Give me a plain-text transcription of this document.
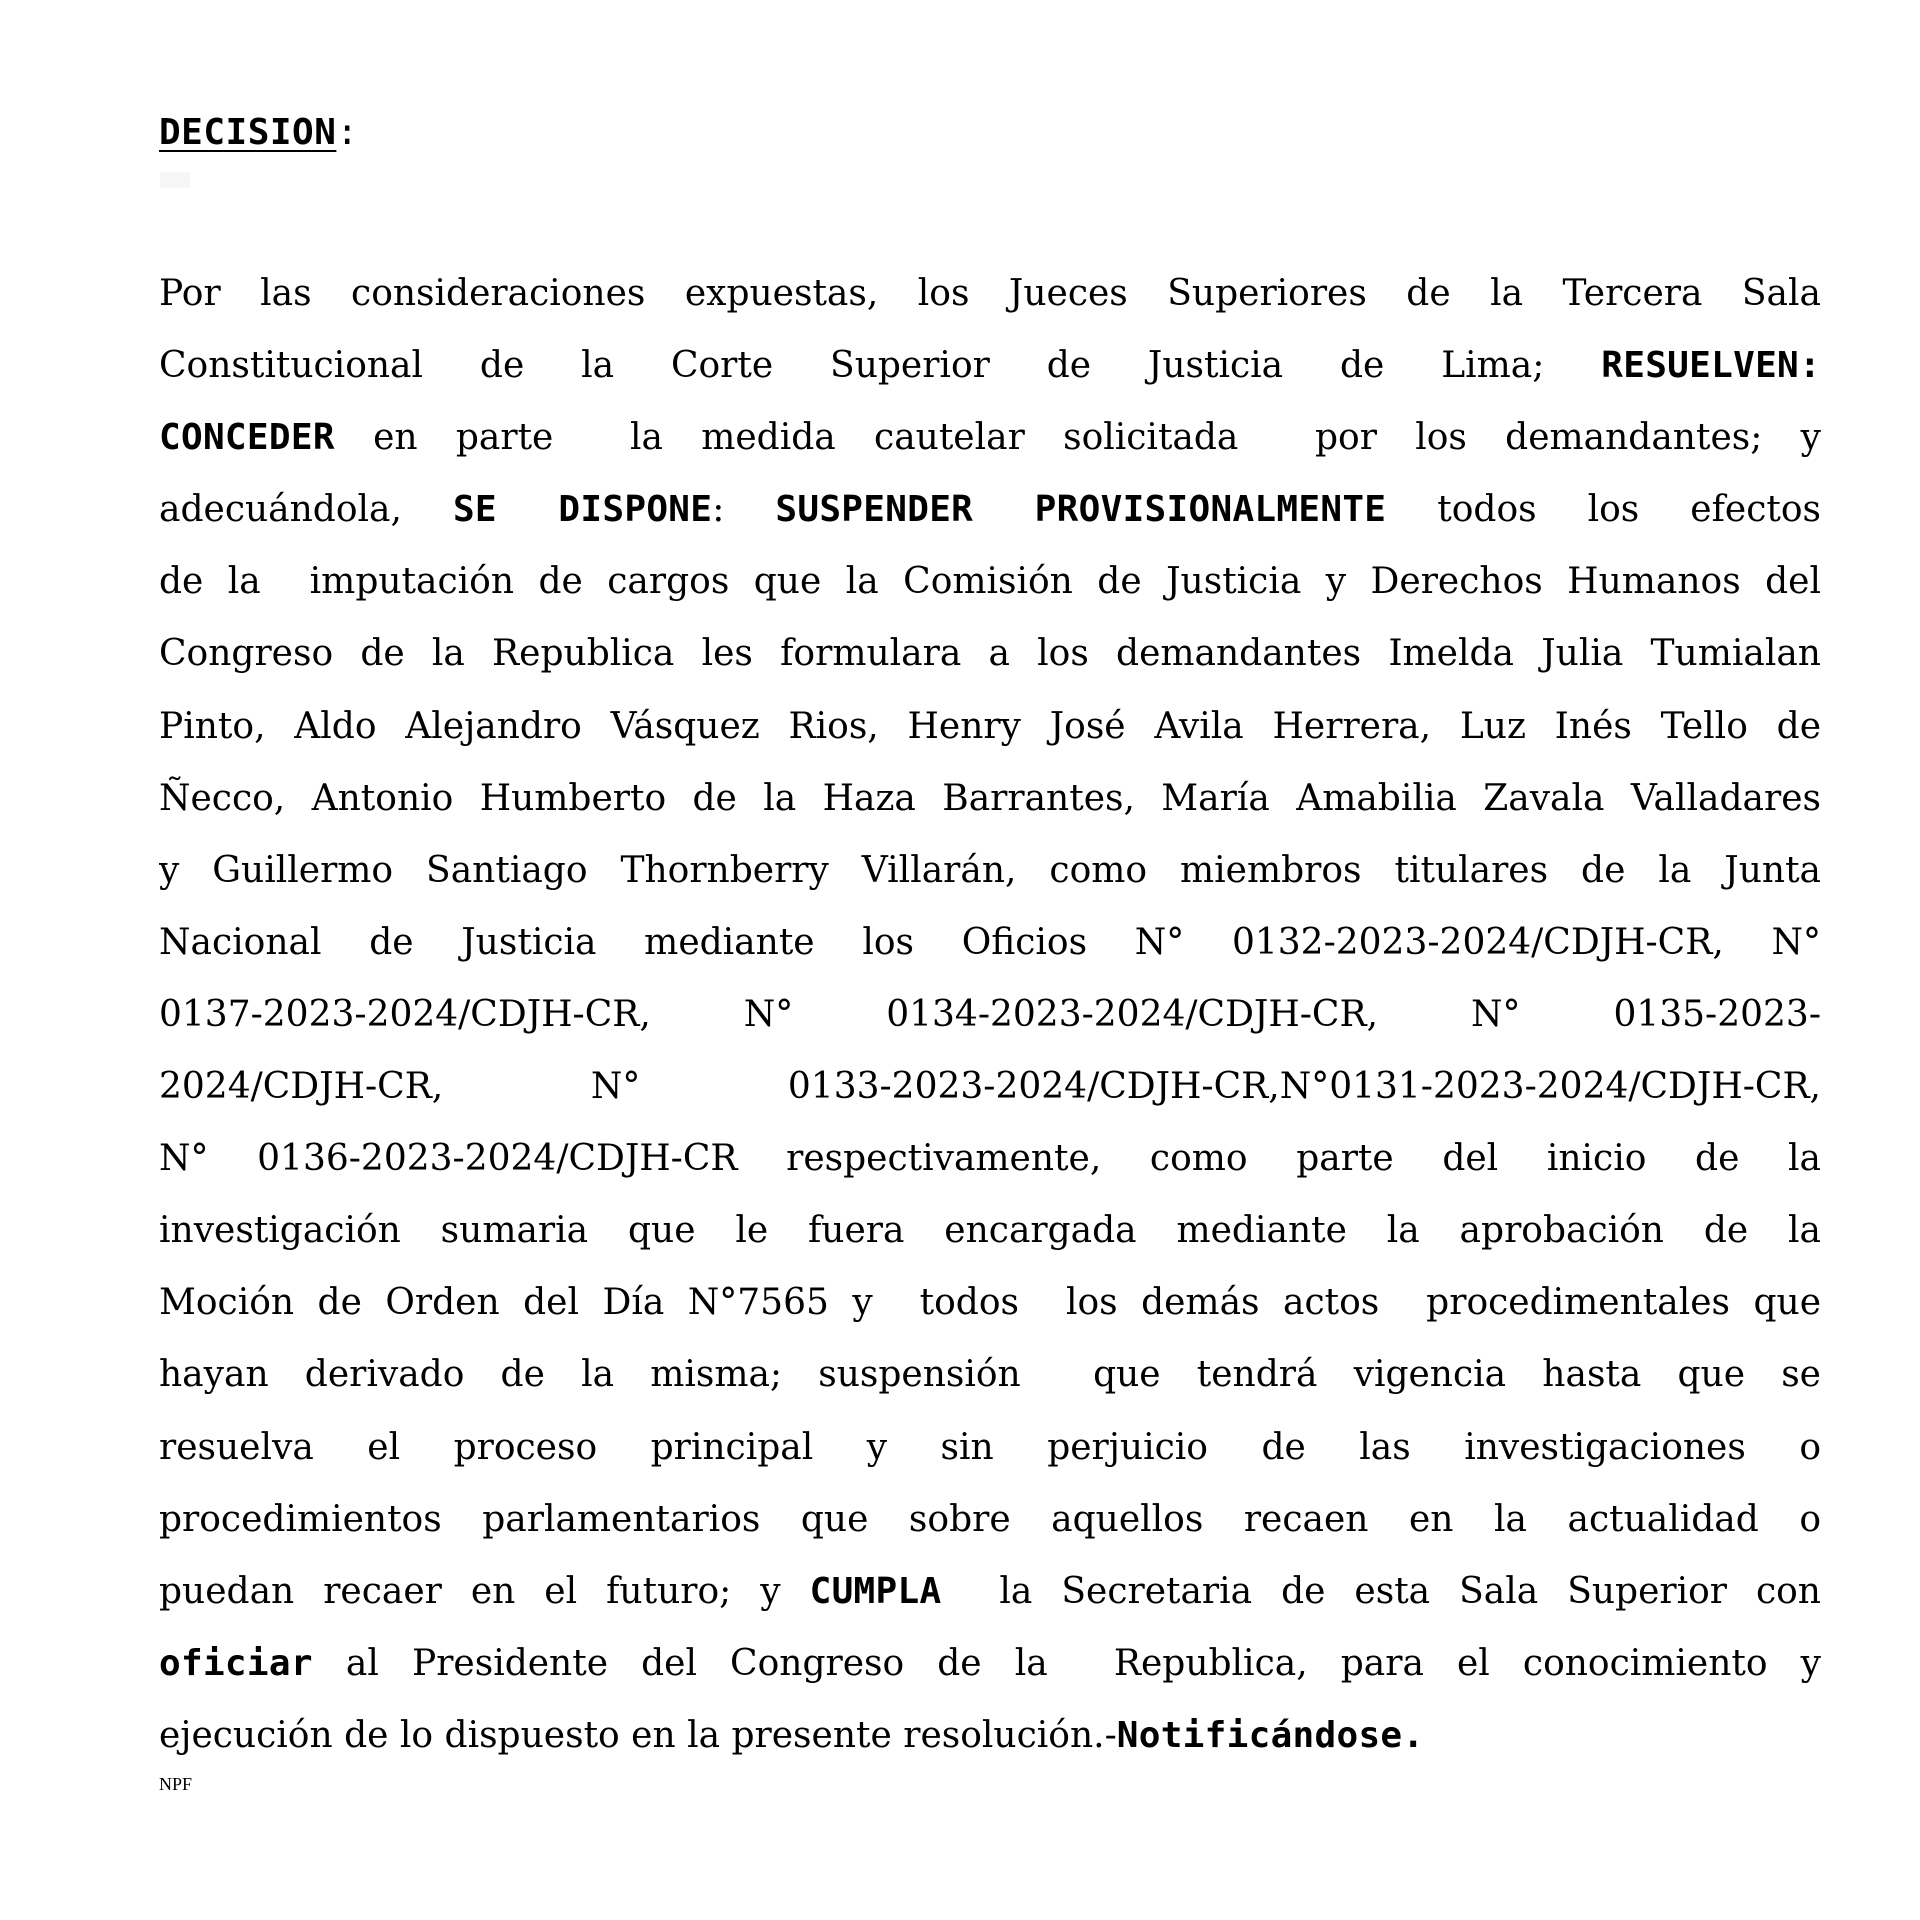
DECISION:
Por las consideraciones expuestas, los Jueces Superiores de la Tercera Sala
Constitucional de la Corte Superior de Justicia de Lima; RESUELVEN:
CONCEDER en parte  la medida cautelar solicitada  por los demandantes; y
adecuándola, SE DISPONE: SUSPENDER PROVISIONALMENTE todos los efectos
de la  imputación de cargos que la Comisión de Justicia y Derechos Humanos del
Congreso de la Republica les formulara a los demandantes Imelda Julia Tumialan
Pinto, Aldo Alejandro Vásquez Rios, Henry José Avila Herrera, Luz Inés Tello de
Ñecco, Antonio Humberto de la Haza Barrantes, María Amabilia Zavala Valladares
y Guillermo Santiago Thornberry Villarán, como miembros titulares de la Junta
Nacional de Justicia mediante los Oficios N° 0132-2023-2024/CDJH-CR, N°
0137-2023-2024/CDJH-CR, N° 0134-2023-2024/CDJH-CR, N° 0135-2023-
2024/CDJH-CR, N° 0133-2023-2024/CDJH-CR,N°0131-2023-2024/CDJH-CR,
N° 0136-2023-2024/CDJH-CR respectivamente, como parte del inicio de la
investigación sumaria que le fuera encargada mediante la aprobación de la
Moción de Orden del Día N°7565 y  todos  los demás actos  procedimentales que
hayan derivado de la misma; suspensión  que tendrá vigencia hasta que se
resuelva el proceso principal y sin perjuicio de las investigaciones o
procedimientos parlamentarios que sobre aquellos recaen en la actualidad o
puedan recaer en el futuro; y CUMPLA  la Secretaria de esta Sala Superior con
oficiar al Presidente del Congreso de la  Republica, para el conocimiento y
ejecución de lo dispuesto en la presente resolución.-Notificándose.
NPF
